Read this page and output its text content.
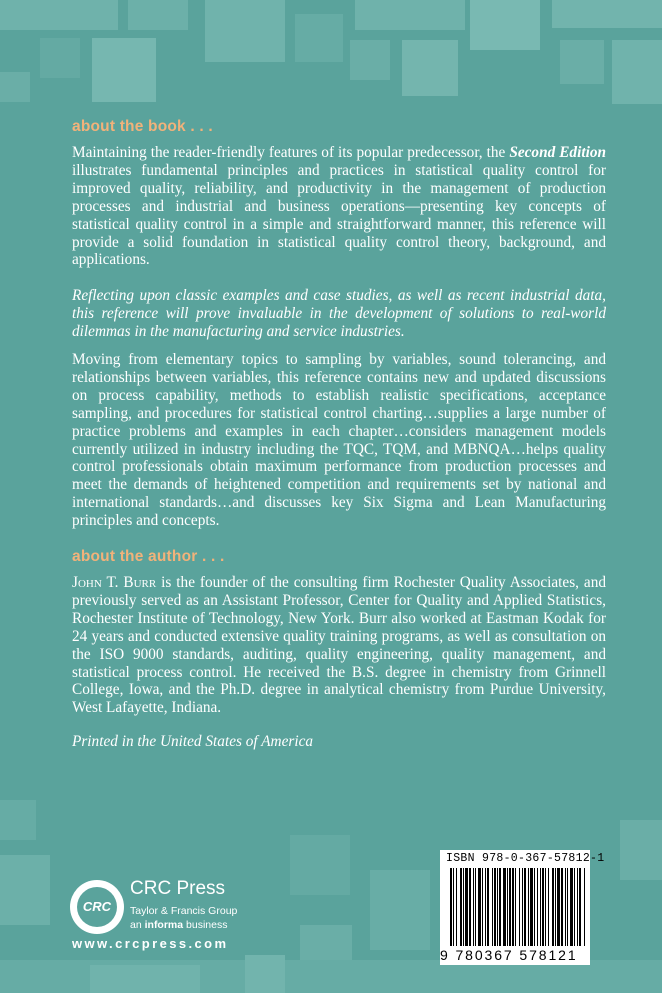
about the book . . .

Maintaining the reader-friendly features of its popular predecessor, the Second Edition illustrates fundamental principles and practices in statistical quality control for improved quality, reliability, and productivity in the management of production processes and industrial and business operations—presenting key concepts of statistical quality control in a simple and straightforward manner, this reference will provide a solid foundation in statistical quality control theory, background, and applications.

Reflecting upon classic examples and case studies, as well as recent industrial data, this reference will prove invaluable in the development of solutions to real-world dilemmas in the manufacturing and service industries.

Moving from elementary topics to sampling by variables, sound tolerancing, and relationships between variables, this reference contains new and updated discussions on process capability, methods to establish realistic specifications, acceptance sampling, and procedures for statistical control charting…supplies a large number of practice problems and examples in each chapter…considers management models currently utilized in industry including the TQC, TQM, and MBNQA…helps quality control professionals obtain maximum performance from production processes and meet the demands of heightened competition and requirements set by national and international standards…and discusses key Six Sigma and Lean Manufacturing principles and concepts.

about the author . . .

John T. Burr is the founder of the consulting firm Rochester Quality Associates, and previously served as an Assistant Professor, Center for Quality and Applied Statistics, Rochester Institute of Technology, New York. Burr also worked at Eastman Kodak for 24 years and conducted extensive quality training programs, as well as consultation on the ISO 9000 standards, auditing, quality engineering, quality management, and statistical process control. He received the B.S. degree in chemistry from Grinnell College, Iowa, and the Ph.D. degree in analytical chemistry from Purdue University, West Lafayette, Indiana.

Printed in the United States of America
CRC
CRC Press
Taylor & Francis Group
an informa business
www.crcpress.com
ISBN 978-0-367-57812-1
9 780367 578121
